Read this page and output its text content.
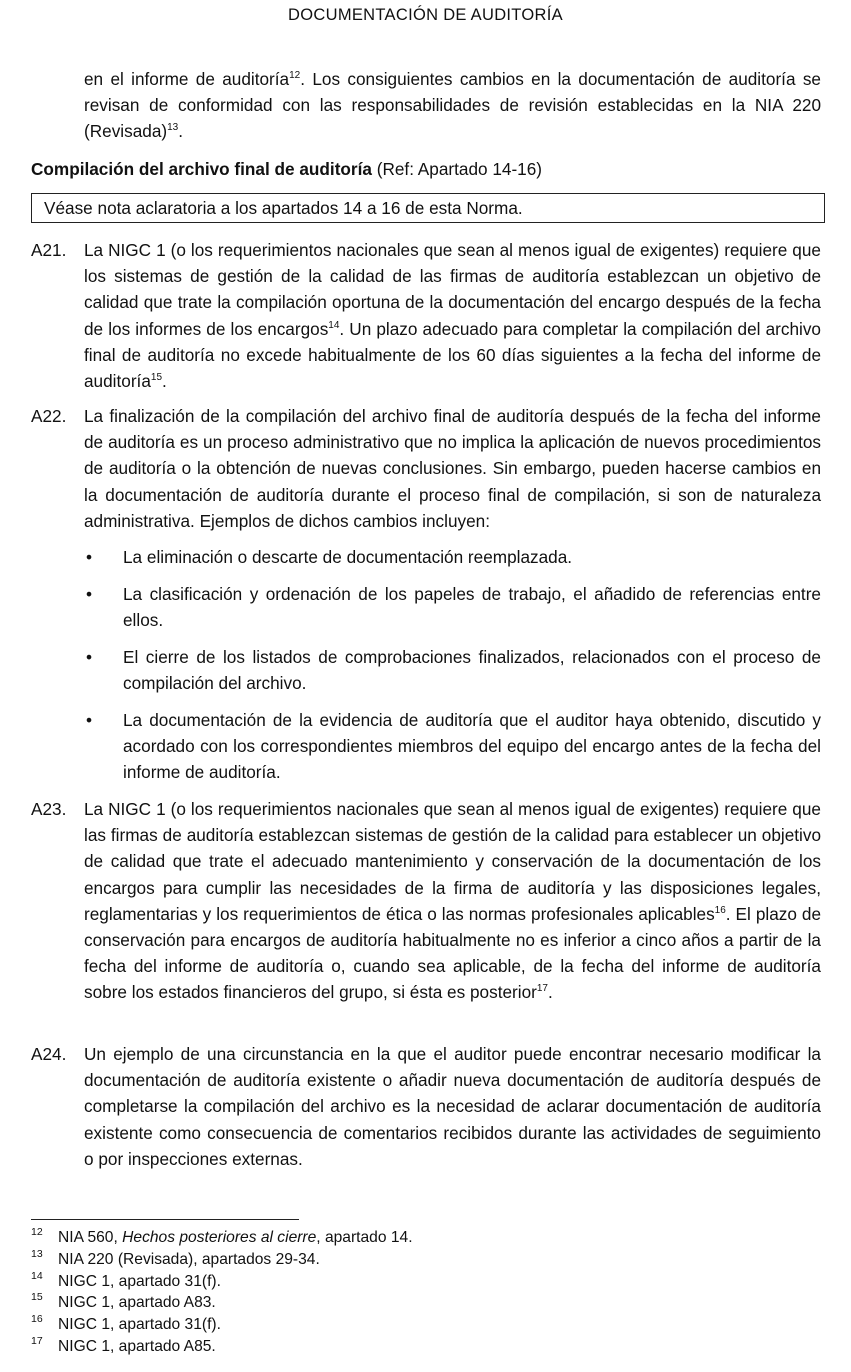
DOCUMENTACIÓN DE AUDITORÍA

en el informe de auditoría$^{12}$. Los consiguientes cambios en la documentación de auditoría se revisan de conformidad con las responsabilidades de revisión establecidas en la NIA 220 (Revisada)$^{13}$.

Compilación del archivo final de auditoría (Ref: Apartado 14-16)

Véase nota aclaratoria a los apartados 14 a 16 de esta Norma.
A21.	La NIGC 1 (o los requerimientos nacionales que sean al menos igual de exigentes) requiere que los sistemas de gestión de la calidad de las firmas de auditoría establezcan un objetivo de calidad que trate la compilación oportuna de la documentación del encargo después de la fecha de los informes de los encargos$^{14}$. Un plazo adecuado para completar la compilación del archivo final de auditoría no excede habitualmente de los 60 días siguientes a la fecha del informe de auditoría$^{15}$.

A22.	La finalización de la compilación del archivo final de auditoría después de la fecha del informe de auditoría es un proceso administrativo que no implica la aplicación de nuevos procedimientos de auditoría o la obtención de nuevas conclusiones. Sin embargo, pueden hacerse cambios en la documentación de auditoría durante el proceso final de compilación, si son de naturaleza administrativa. Ejemplos de dichos cambios incluyen:

• La eliminación o descarte de documentación reemplazada.

• La clasificación y ordenación de los papeles de trabajo, el añadido de referencias entre ellos.

• El cierre de los listados de comprobaciones finalizados, relacionados con el proceso de compilación del archivo.

• La documentación de la evidencia de auditoría que el auditor haya obtenido, discutido y acordado con los correspondientes miembros del equipo del encargo antes de la fecha del informe de auditoría.

A23.	La NIGC 1 (o los requerimientos nacionales que sean al menos igual de exigentes) requiere que las firmas de auditoría establezcan sistemas de gestión de la calidad para establecer un objetivo de calidad que trate el adecuado mantenimiento y conservación de la documentación de los encargos para cumplir las necesidades de la firma de auditoría y las disposiciones legales, reglamentarias y los requerimientos de ética o las normas profesionales aplicables$^{16}$. El plazo de conservación para encargos de auditoría habitualmente no es inferior a cinco años a partir de la fecha del informe de auditoría o, cuando sea aplicable, de la fecha del informe de auditoría sobre los estados financieros del grupo, si ésta es posterior$^{17}$.

A24.	Un ejemplo de una circunstancia en la que el auditor puede encontrar necesario modificar la documentación de auditoría existente o añadir nueva documentación de auditoría después de completarse la compilación del archivo es la necesidad de aclarar documentación de auditoría existente como consecuencia de comentarios recibidos durante las actividades de seguimiento o por inspecciones externas.

12 NIA 560, Hechos posteriores al cierre, apartado 14.
13 NIA 220 (Revisada), apartados 29-34.
14 NIGC 1, apartado 31(f).
15 NIGC 1, apartado A83.
16 NIGC 1, apartado 31(f).
17 NIGC 1, apartado A85.
